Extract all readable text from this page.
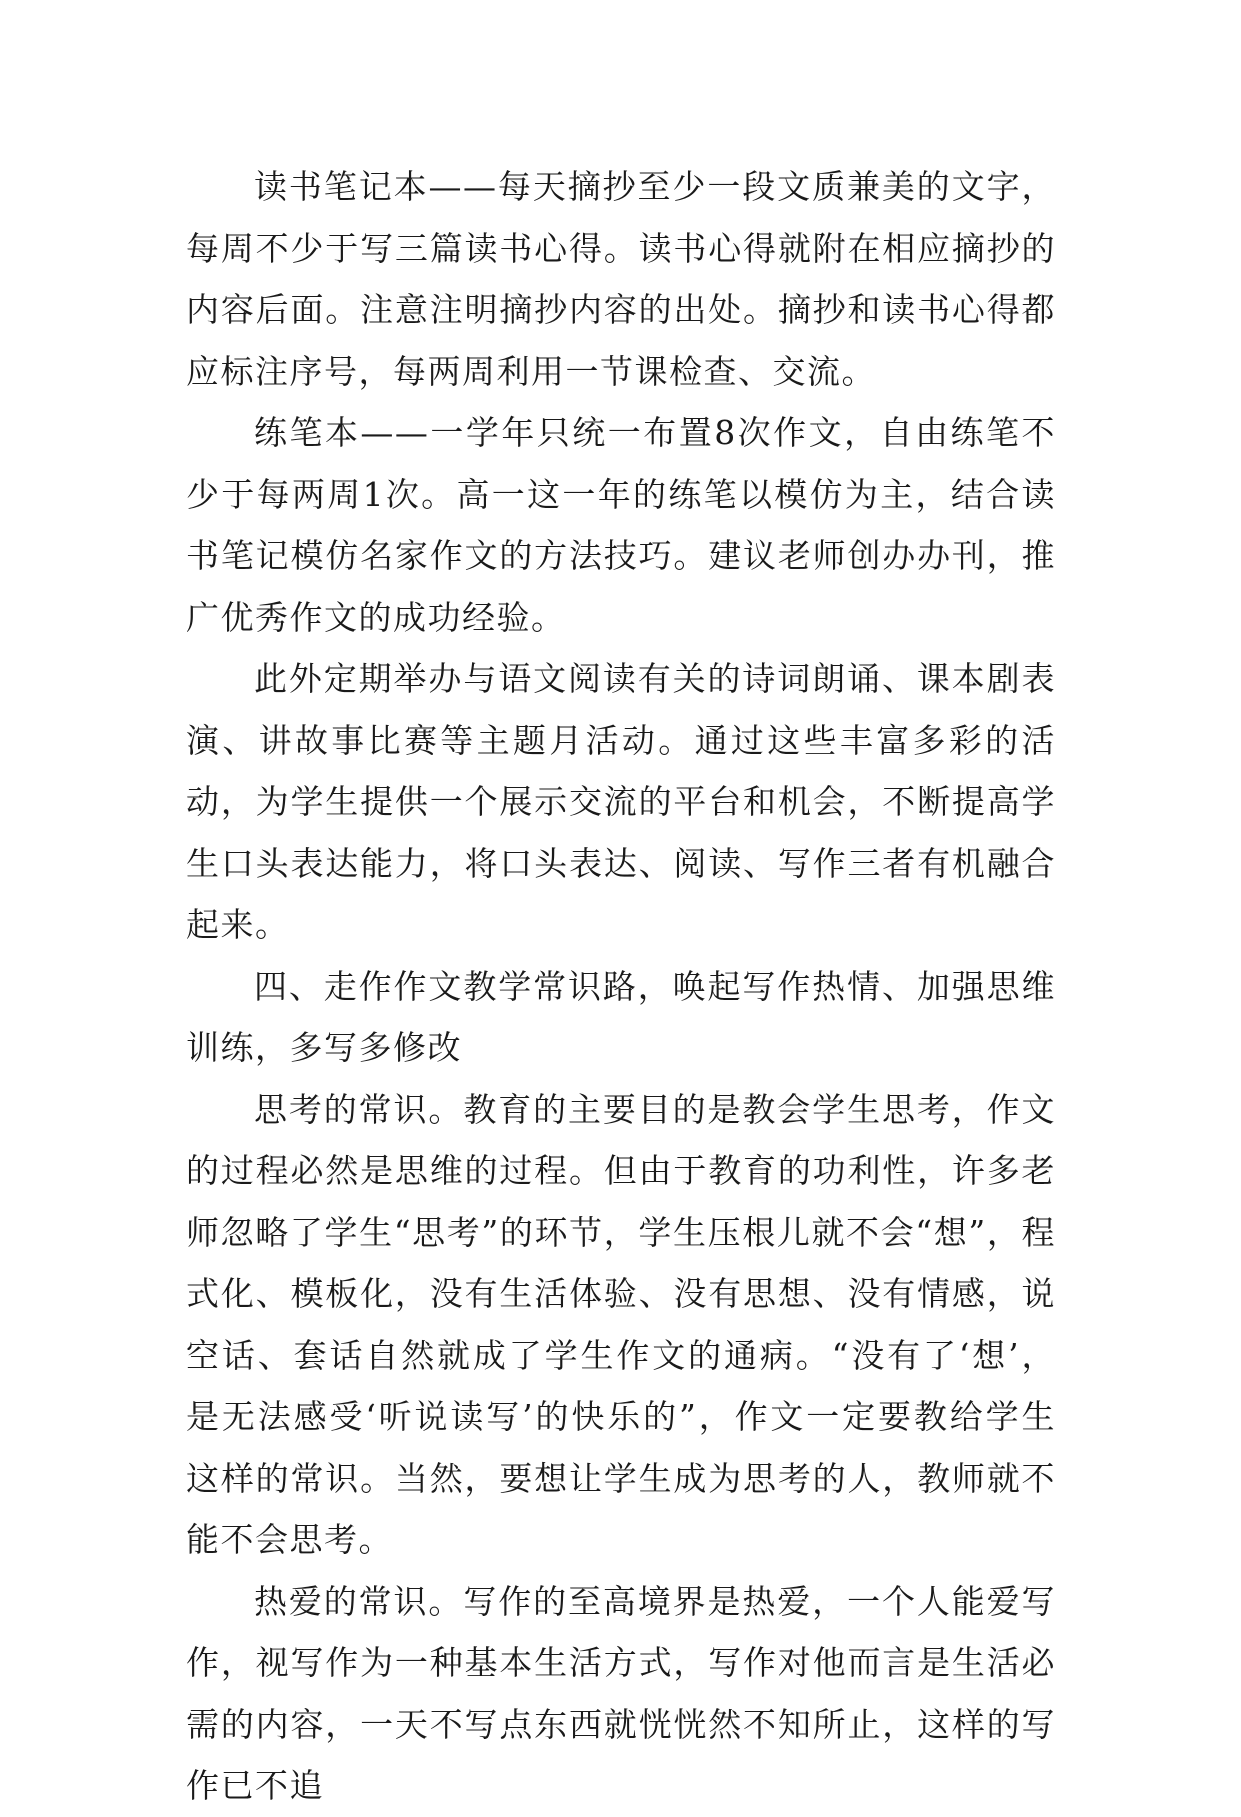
读书笔记本——每天摘抄至少一段文质兼美的文字，每周不少于写三篇读书心得。读书心得就附在相应摘抄的内容后面。注意注明摘抄内容的出处。摘抄和读书心得都应标注序号，每两周利用一节课检查、交流。

练笔本——一学年只统一布置8次作文，自由练笔不少于每两周1次。高一这一年的练笔以模仿为主，结合读书笔记模仿名家作文的方法技巧。建议老师创办办刊，推广优秀作文的成功经验。

此外定期举办与语文阅读有关的诗词朗诵、课本剧表演、讲故事比赛等主题月活动。通过这些丰富多彩的活动，为学生提供一个展示交流的平台和机会，不断提高学生口头表达能力，将口头表达、阅读、写作三者有机融合起来。

四、走作作文教学常识路，唤起写作热情、加强思维训练，多写多修改

思考的常识。教育的主要目的是教会学生思考，作文的过程必然是思维的过程。但由于教育的功利性，许多老师忽略了学生“思考”的环节，学生压根儿就不会“想”，程式化、模板化，没有生活体验、没有思想、没有情感，说空话、套话自然就成了学生作文的通病。“没有了‘想’，是无法感受‘听说读写’的快乐的”，作文一定要教给学生这样的常识。当然，要想让学生成为思考的人，教师就不能不会思考。

热爱的常识。写作的至高境界是热爱，一个人能爱写作，视写作为一种基本生活方式，写作对他而言是生活必需的内容，一天不写点东西就恍恍然不知所止，这样的写作已不追
